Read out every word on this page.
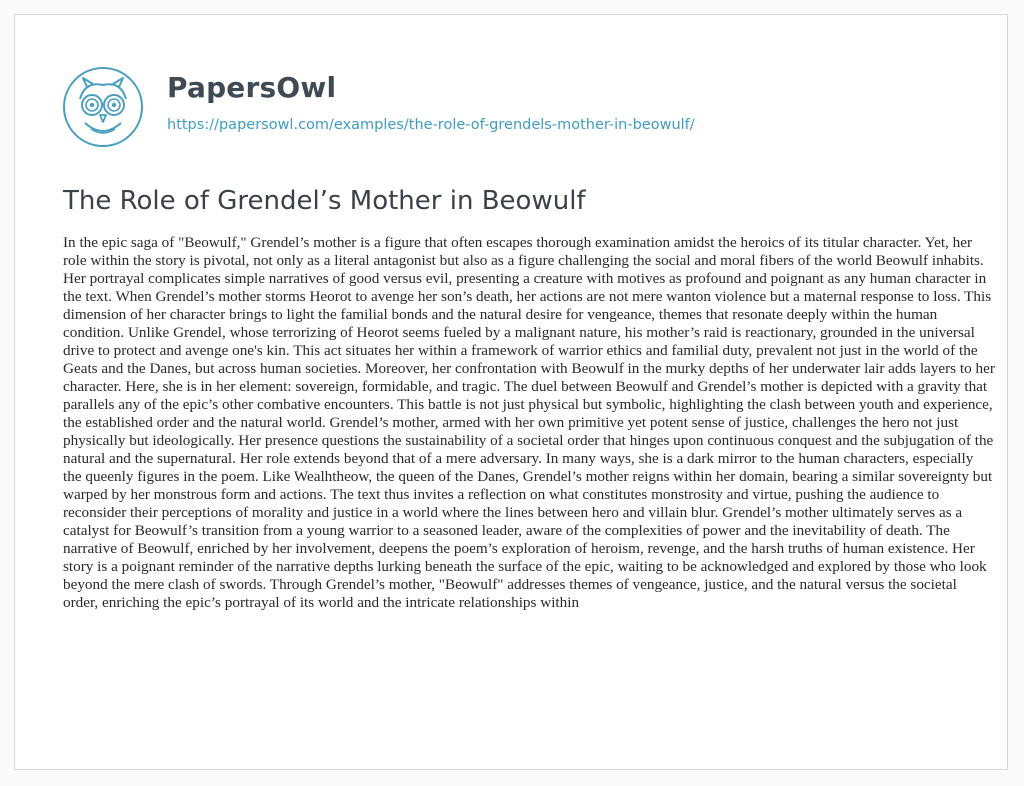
PapersOwl
https://papersowl.com/examples/the-role-of-grendels-mother-in-beowulf/
The Role of Grendel’s Mother in Beowulf

In the epic saga of "Beowulf," Grendel’s mother is a figure that often escapes thorough examination amidst the heroics of its titular character. Yet, her role within the story is pivotal, not only as a literal antagonist but also as a figure challenging the social and moral fibers of the world Beowulf inhabits. Her portrayal complicates simple narratives of good versus evil, presenting a creature with motives as profound and poignant as any human character in the text. When Grendel’s mother storms Heorot to avenge her son’s death, her actions are not mere wanton violence but a maternal response to loss. This dimension of her character brings to light the familial bonds and the natural desire for vengeance, themes that resonate deeply within the human condition. Unlike Grendel, whose terrorizing of Heorot seems fueled by a malignant nature, his mother’s raid is reactionary, grounded in the universal drive to protect and avenge one's kin. This act situates her within a framework of warrior ethics and familial duty, prevalent not just in the world of the Geats and the Danes, but across human societies. Moreover, her confrontation with Beowulf in the murky depths of her underwater lair adds layers to her character. Here, she is in her element: sovereign, formidable, and tragic. The duel between Beowulf and Grendel’s mother is depicted with a gravity that parallels any of the epic’s other combative encounters. This battle is not just physical but symbolic, highlighting the clash between youth and experience, the established order and the natural world. Grendel’s mother, armed with her own primitive yet potent sense of justice, challenges the hero not just physically but ideologically. Her presence questions the sustainability of a societal order that hinges upon continuous conquest and the subjugation of the natural and the supernatural. Her role extends beyond that of a mere adversary. In many ways, she is a dark mirror to the human characters, especially the queenly figures in the poem. Like Wealhtheow, the queen of the Danes, Grendel’s mother reigns within her domain, bearing a similar sovereignty but warped by her monstrous form and actions. The text thus invites a reflection on what constitutes monstrosity and virtue, pushing the audience to reconsider their perceptions of morality and justice in a world where the lines between hero and villain blur. Grendel’s mother ultimately serves as a catalyst for Beowulf’s transition from a young warrior to a seasoned leader, aware of the complexities of power and the inevitability of death. The narrative of Beowulf, enriched by her involvement, deepens the poem’s exploration of heroism, revenge, and the harsh truths of human existence. Her story is a poignant reminder of the narrative depths lurking beneath the surface of the epic, waiting to be acknowledged and explored by those who look beyond the mere clash of swords. Through Grendel’s mother, "Beowulf" addresses themes of vengeance, justice, and the natural versus the societal order, enriching the epic’s portrayal of its world and the intricate relationships within
